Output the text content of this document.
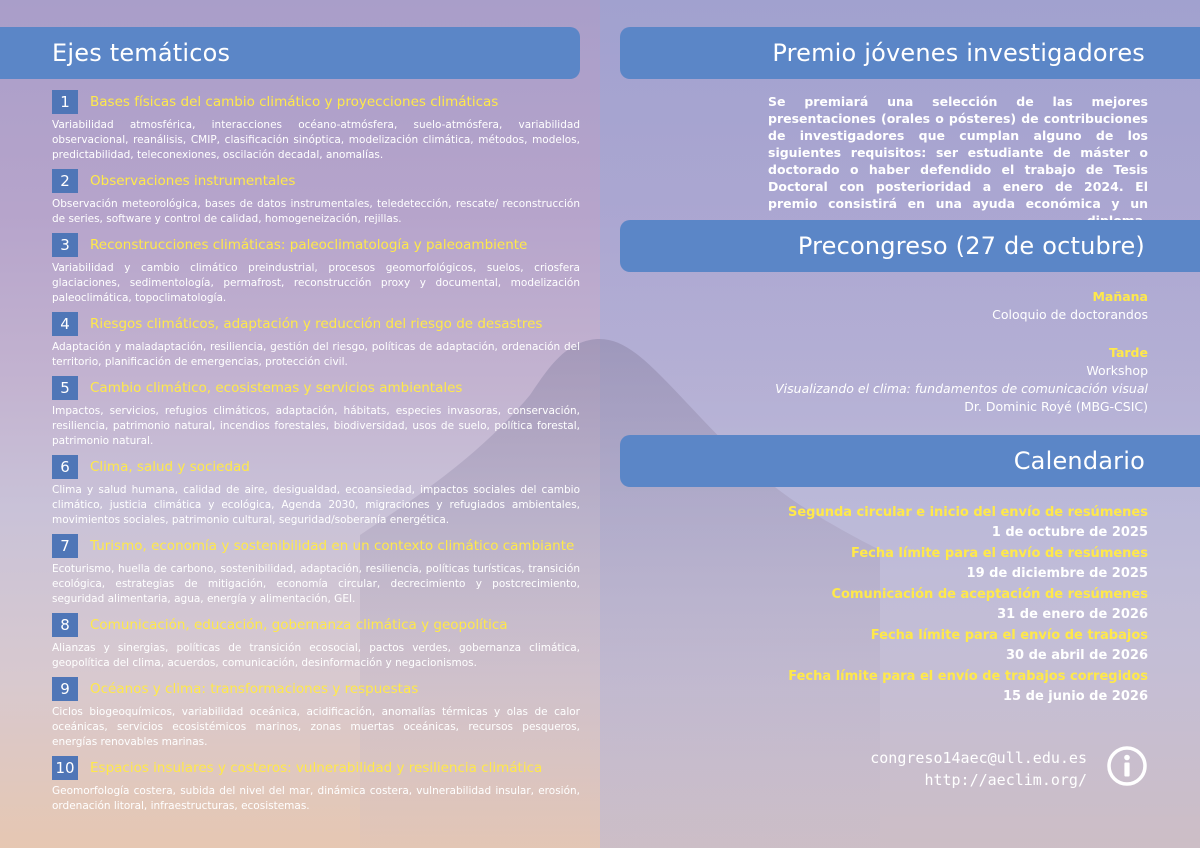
Ejes temáticos
1	Bases físicas del cambio climático y proyecciones climáticas
Variabilidad atmosférica, interacciones océano-atmósfera, suelo-atmósfera, variabilidad observacional, reanálisis, CMIP, clasificación sinóptica, modelización climática, métodos, modelos, predictabilidad, teleconexiones, oscilación decadal, anomalías.
2	Observaciones instrumentales
Observación meteorológica, bases de datos instrumentales, teledetección, rescate/ reconstrucción de series, software y control de calidad, homogeneización, rejillas.
3	Reconstrucciones climáticas: paleoclimatología y paleoambiente
Variabilidad y cambio climático preindustrial, procesos geomorfológicos, suelos, criosfera glaciaciones, sedimentología, permafrost, reconstrucción proxy y documental, modelización paleoclimática, topoclimatología.
4	Riesgos climáticos, adaptación y reducción del riesgo de desastres
Adaptación y maladaptación, resiliencia, gestión del riesgo, políticas de adaptación, ordenación del territorio, planificación de emergencias, protección civil.
5	Cambio climático, ecosistemas y servicios ambientales
Impactos, servicios, refugios climáticos, adaptación, hábitats, especies invasoras, conservación, resiliencia, patrimonio natural, incendios forestales, biodiversidad, usos de suelo, política forestal, patrimonio natural.
6	Clima, salud y sociedad
Clima y salud humana, calidad de aire, desigualdad, ecoansiedad, impactos sociales del cambio climático, justicia climática y ecológica, Agenda 2030, migraciones y refugiados ambientales, movimientos sociales, patrimonio cultural, seguridad/soberanía energética.
7	Turismo, economía y sostenibilidad en un contexto climático cambiante
Ecoturismo, huella de carbono, sostenibilidad, adaptación, resiliencia, políticas turísticas, transición ecológica, estrategias de mitigación, economía circular, decrecimiento y postcrecimiento, seguridad alimentaria, agua, energía y alimentación, GEI.
8	Comunicación, educación, gobernanza climática y geopolítica
Alianzas y sinergias, políticas de transición ecosocial, pactos verdes, gobernanza climática, geopolítica del clima, acuerdos, comunicación, desinformación y negacionismos.
9	Océanos y clima: transformaciones y respuestas
Ciclos biogeoquímicos, variabilidad oceánica, acidificación, anomalías térmicas y olas de calor oceánicas, servicios ecosistémicos marinos, zonas muertas oceánicas, recursos pesqueros, energías renovables marinas.
10 Espacios insulares y costeros: vulnerabilidad y resiliencia climática
Geomorfología costera, subida del nivel del mar, dinámica costera, vulnerabilidad insular, erosión, ordenación litoral, infraestructuras, ecosistemas.
Premio jóvenes investigadores
Se premiará una selección de las mejores presentaciones (orales o pósteres) de contribuciones de investigadores que cumplan alguno de los siguientes requisitos: ser estudiante de máster o doctorado o haber defendido el trabajo de Tesis Doctoral con posterioridad a enero de 2024. El premio consistirá en una ayuda económica y un
Precongreso (27 de octubre)
Mañana
Coloquio de doctorandos
Tarde
Workshop
Visualizando el clima: fundamentos de comunicación visual
Dr. Dominic Royé (MBG-CSIC)
Calendario
Segunda circular e inicio del envío de resúmenes
1 de octubre de 2025
Fecha límite para el envío de resúmenes
19 de diciembre de 2025
Comunicación de aceptación de resúmenes
31 de enero de 2026
Fecha límite para el envío de trabajos
30 de abril de 2026
Fecha límite para el envío de trabajos corregidos
15 de junio de 2026
congreso14aec@ull.edu.es
http://aeclim.org/
